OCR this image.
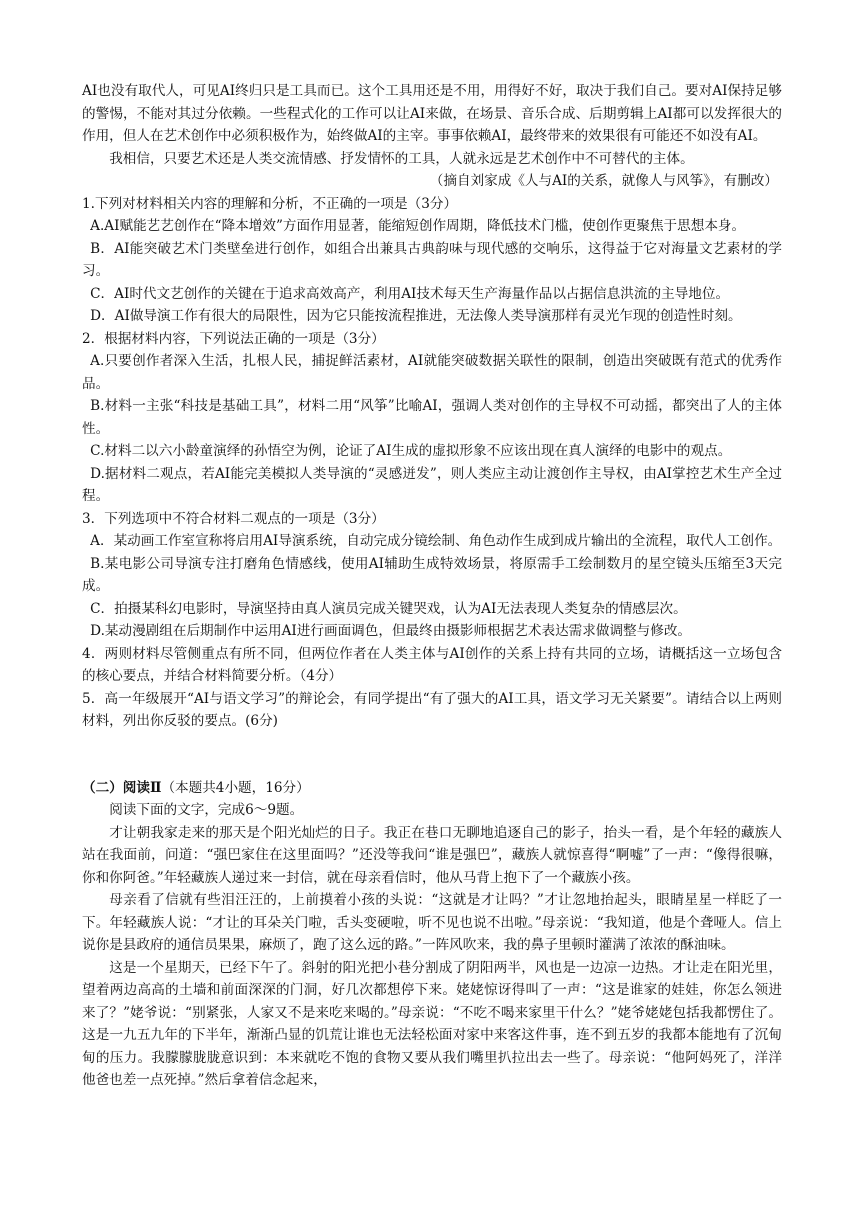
AI也没有取代人，可见AI终归只是工具而已。这个工具用还是不用，用得好不好，取决于我们自己。要对AI保持足够的警惕，不能对其过分依赖。一些程式化的工作可以让AI来做，在场景、音乐合成、后期剪辑上AI都可以发挥很大的作用，但人在艺术创作中必须积极作为，始终做AI的主宰。事事依赖AI，最终带来的效果很有可能还不如没有AI。

我相信，只要艺术还是人类交流情感、抒发情怀的工具，人就永远是艺术创作中不可替代的主体。

（摘自刘家成《人与AI的关系，就像人与风筝》，有删改）

1.下列对材料相关内容的理解和分析，不正确的一项是（3分）

A.AI赋能艺艺创作在“降本增效”方面作用显著，能缩短创作周期，降低技术门槛，使创作更聚焦于思想本身。

B．AI能突破艺术门类壁垒进行创作，如组合出兼具古典韵味与现代感的交响乐，这得益于它对海量文艺素材的学习。

C．AI时代文艺创作的关键在于追求高效高产，利用AI技术每天生产海量作品以占据信息洪流的主导地位。

D．AI做导演工作有很大的局限性，因为它只能按流程推进，无法像人类导演那样有灵光乍现的创造性时刻。

2．根据材料内容，下列说法正确的一项是（3分）

A.只要创作者深入生活，扎根人民，捕捉鲜活素材，AI就能突破数据关联性的限制，创造出突破既有范式的优秀作品。

B.材料一主张“科技是基础工具”，材料二用“风筝”比喻AI，强调人类对创作的主导权不可动摇，都突出了人的主体性。

C.材料二以六小龄童演绎的孙悟空为例，论证了AI生成的虚拟形象不应该出现在真人演绎的电影中的观点。

D.据材料二观点，若AI能完美模拟人类导演的“灵感迸发”，则人类应主动让渡创作主导权，由AI掌控艺术生产全过程。

3．下列选项中不符合材料二观点的一项是（3分）

A．某动画工作室宣称将启用AI导演系统，自动完成分镜绘制、角色动作生成到成片输出的全流程，取代人工创作。

B.某电影公司导演专注打磨角色情感线，使用AI辅助生成特效场景，将原需手工绘制数月的星空镜头压缩至3天完成。

C．拍摄某科幻电影时，导演坚持由真人演员完成关键哭戏，认为AI无法表现人类复杂的情感层次。

D.某动漫剧组在后期制作中运用AI进行画面调色，但最终由摄影师根据艺术表达需求做调整与修改。

4．两则材料尽管侧重点有所不同，但两位作者在人类主体与AI创作的关系上持有共同的立场，请概括这一立场包含的核心要点，并结合材料简要分析。（4分）

5．高一年级展开“AI与语文学习”的辩论会，有同学提出“有了强大的AI工具，语文学习无关紧要”。请结合以上两则材料，列出你反驳的要点。(6分)

（二）阅读Ⅱ（本题共4小题，16分）

阅读下面的文字，完成6～9题。

才让朝我家走来的那天是个阳光灿烂的日子。我正在巷口无聊地追逐自己的影子，抬头一看，是个年轻的藏族人站在我面前，问道：“强巴家住在这里面吗？”还没等我问“谁是强巴”，藏族人就惊喜得“啊嘘”了一声：“像得很嘛，你和你阿爸。”年轻藏族人递过来一封信，就在母亲看信时，他从马背上抱下了一个藏族小孩。

母亲看了信就有些泪汪汪的，上前摸着小孩的头说：“这就是才让吗？”才让忽地抬起头，眼睛星星一样眨了一下。年轻藏族人说：“才让的耳朵关门啦，舌头变硬啦，听不见也说不出啦。”母亲说：“我知道，他是个聋哑人。信上说你是县政府的通信员果果，麻烦了，跑了这么远的路。”一阵风吹来，我的鼻子里顿时灌满了浓浓的酥油味。

这是一个星期天，已经下午了。斜射的阳光把小巷分割成了阴阳两半，风也是一边凉一边热。才让走在阳光里，望着两边高高的土墙和前面深深的门洞，好几次都想停下来。姥姥惊讶得叫了一声：“这是谁家的娃娃，你怎么领进来了？”姥爷说：“别紧张，人家又不是来吃来喝的。”母亲说：“不吃不喝来家里干什么？”姥爷姥姥包括我都愣住了。这是一九五九年的下半年，渐渐凸显的饥荒让谁也无法轻松面对家中来客这件事，连不到五岁的我都本能地有了沉甸甸的压力。我朦朦胧胧意识到：本来就吃不饱的食物又要从我们嘴里扒拉出去一些了。母亲说：“他阿妈死了，洋洋他爸也差一点死掉。”然后拿着信念起来，
